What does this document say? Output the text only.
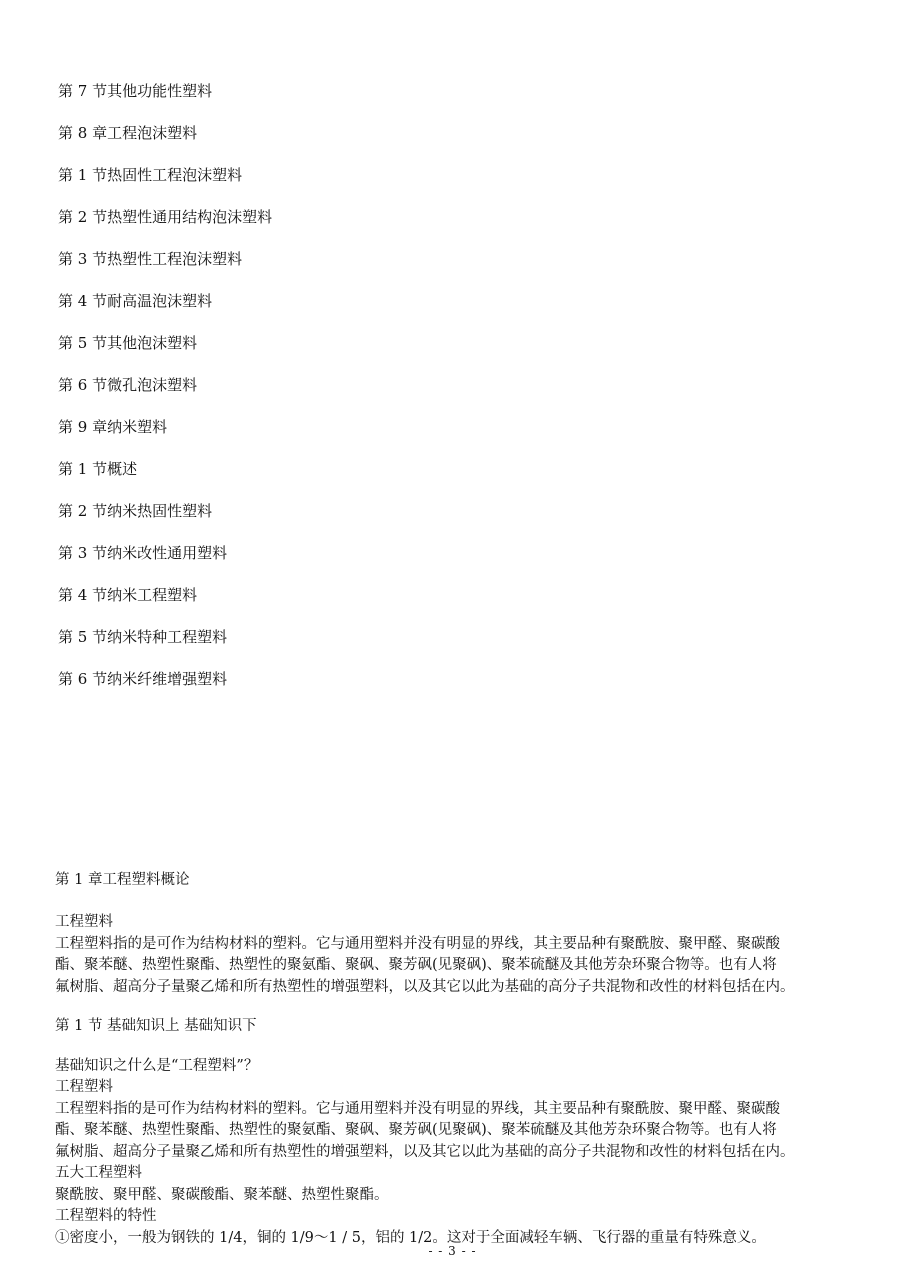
第 7 节其他功能性塑料
第 8 章工程泡沫塑料
第 1 节热固性工程泡沫塑料
第 2 节热塑性通用结构泡沫塑料
第 3 节热塑性工程泡沫塑料
第 4 节耐高温泡沫塑料
第 5 节其他泡沫塑料
第 6 节微孔泡沫塑料
第 9 章纳米塑料
第 1 节概述
第 2 节纳米热固性塑料
第 3 节纳米改性通用塑料
第 4 节纳米工程塑料
第 5 节纳米特种工程塑料
第 6 节纳米纤维增强塑料
第 1 章工程塑料概论
工程塑料
工程塑料指的是可作为结构材料的塑料。它与通用塑料并没有明显的界线，其主要品种有聚酰胺、聚甲醛、聚碳酸
酯、聚苯醚、热塑性聚酯、热塑性的聚氨酯、聚砜、聚芳砜(见聚砜)、聚苯硫醚及其他芳杂环聚合物等。也有人将
氟树脂、超高分子量聚乙烯和所有热塑性的增强塑料，以及其它以此为基础的高分子共混物和改性的材料包括在内。
第 1 节 基础知识上 基础知识下
基础知识之什么是“工程塑料”？
工程塑料
工程塑料指的是可作为结构材料的塑料。它与通用塑料并没有明显的界线，其主要品种有聚酰胺、聚甲醛、聚碳酸
酯、聚苯醚、热塑性聚酯、热塑性的聚氨酯、聚砜、聚芳砜(见聚砜)、聚苯硫醚及其他芳杂环聚合物等。也有人将
氟树脂、超高分子量聚乙烯和所有热塑性的增强塑料，以及其它以此为基础的高分子共混物和改性的材料包括在内。
五大工程塑料
聚酰胺、聚甲醛、聚碳酸酯、聚苯醚、热塑性聚酯。
工程塑料的特性
①密度小，一般为钢铁的 1/4，铜的 1/9～1 / 5，铝的 1/2。这对于全面减轻车辆、飞行器的重量有特殊意义。
- - 3 - -
